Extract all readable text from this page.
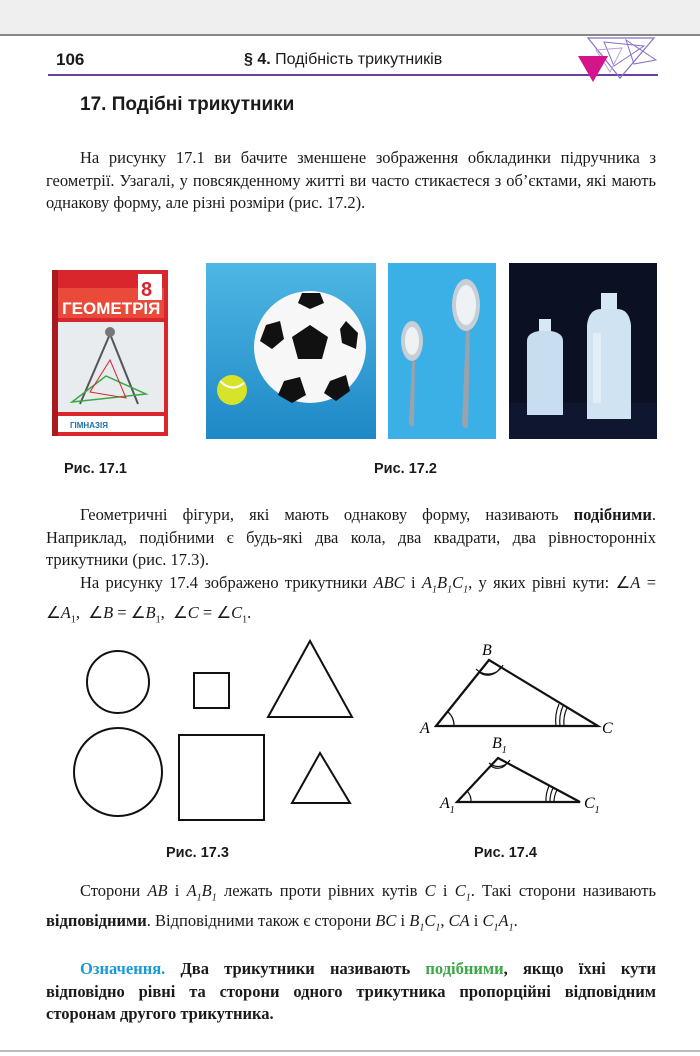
106	§ 4. Подібність трикутників
17. Подібні трикутники
На рисунку 17.1 ви бачите зменшене зображення обкладинки підручника з геометрії. Узагалі, у повсякденному житті ви часто стикаєтеся з об’єктами, які мають однакову форму, але різні розміри (рис. 17.2).
8
ГЕОМЕТРІЯ
ГІМНАЗІЯ
Рис. 17.1	Рис. 17.2
Геометричні фігури, які мають однакову форму, називають подібними. Наприклад, подібними є будь-які два кола, два квадрати, два рівносторонніх трикутники (рис. 17.3).
На рисунку 17.4 зображено трикутники ABC і $A_1B_1C_1$, у яких рівні кути: ∠A = $\angle A_1$,  ∠B = $\angle B_1$,  ∠C = $\angle C_1$.
A
B
C
$A_1$
$B_1$
$C_1$
Рис. 17.3	Рис. 17.4
Сторони AB і $A_1B_1$ лежать проти рівних кутів C і $C_1$. Такі сторони називають відповідними. Відповідними також є сторони BC і $B_1C_1$, CA і $C_1A_1$.
Означення. Два трикутники називають подібними, якщо їхні кути відповідно рівні та сторони одного трикутника пропорційні відповідним сторонам другого трикутника.
